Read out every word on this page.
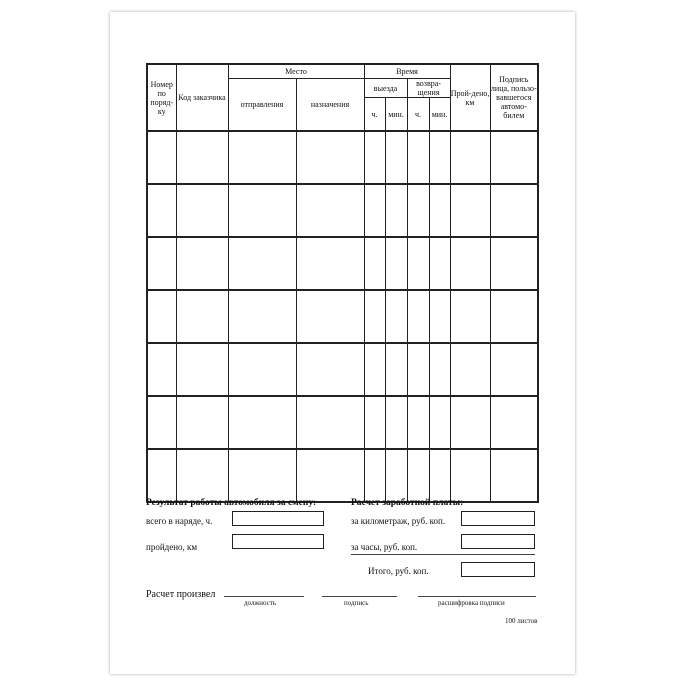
Номер по поряд-ку	Код заказчика	Место		Время				Прой-дено, км	Подпись лица, пользо-вавшегося автомо-билем
		отправления	назначения	выезда		возвра-щения			
				ч.	мин.	ч.	мин.		

Результат работы автомобиля за смену:
всего в наряде, ч.
пройдено, км
Расчет заработной платы:
за километраж, руб. коп.
за часы, руб. коп.
Итого, руб. коп.
Расчет произвел
должность	подпись	расшифровка подписи
100 листов
